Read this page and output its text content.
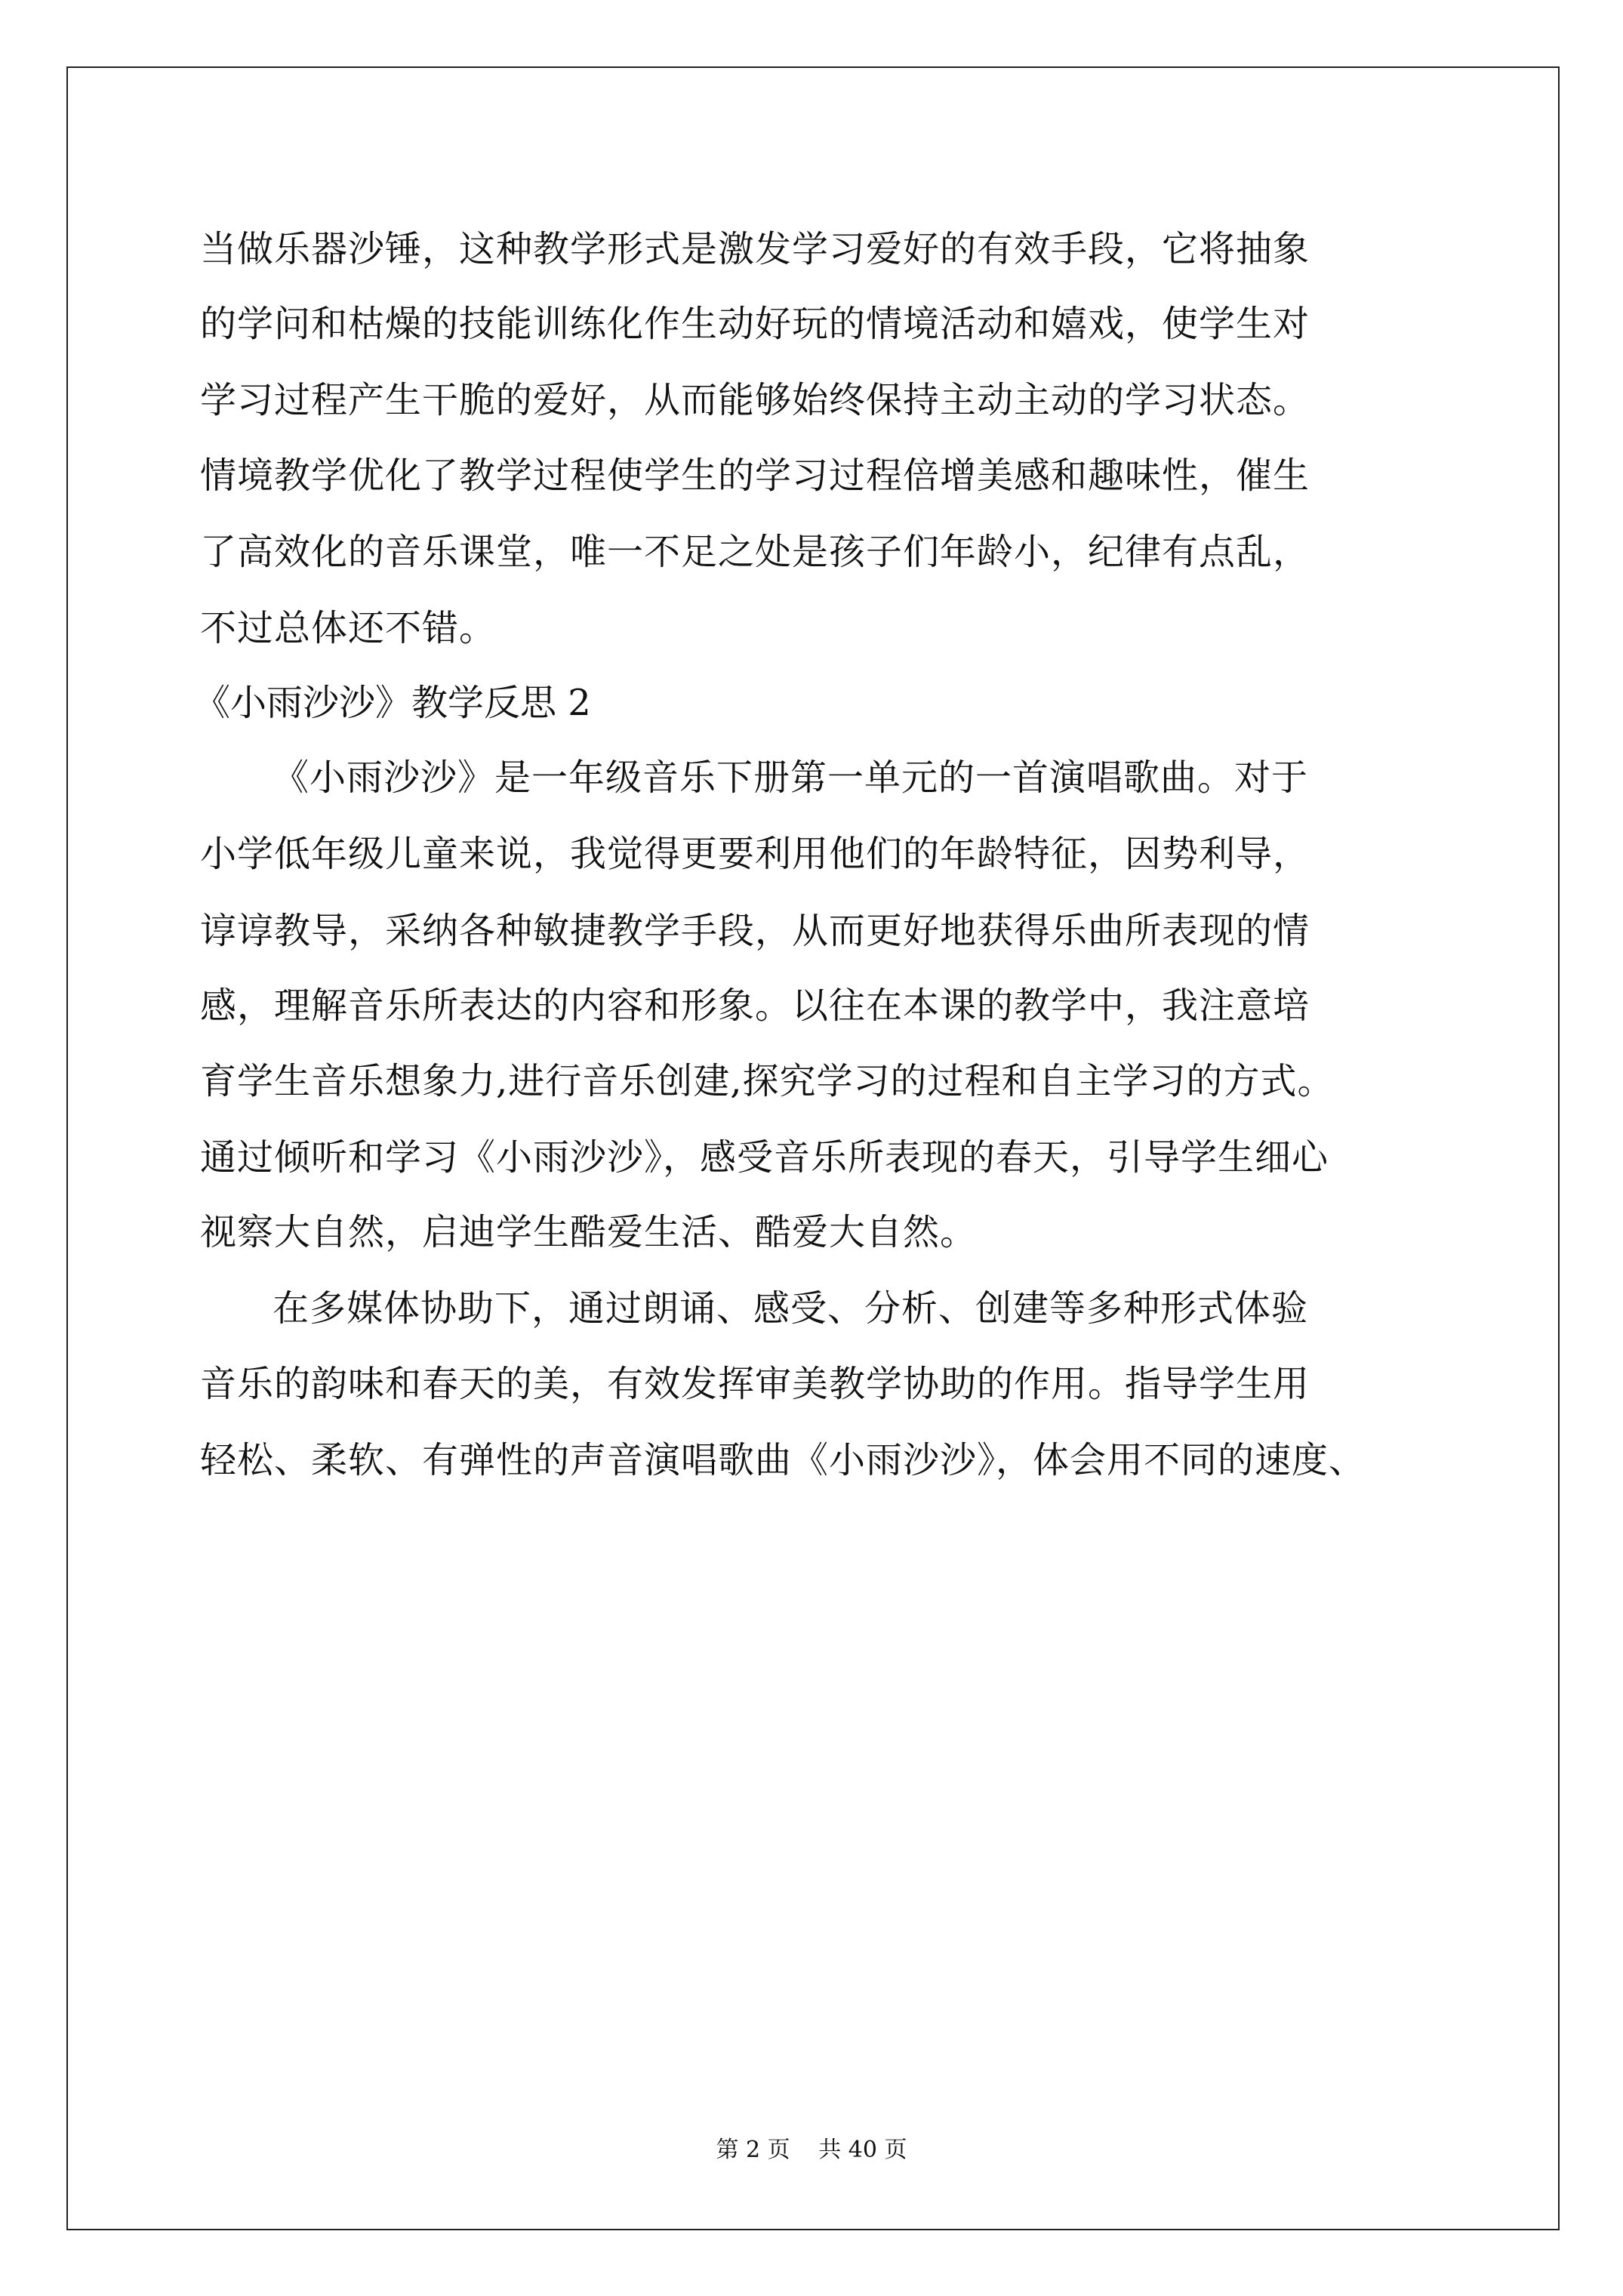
当做乐器沙锤，这种教学形式是激发学习爱好的有效手段，它将抽象
的学问和枯燥的技能训练化作生动好玩的情境活动和嬉戏，使学生对
学习过程产生干脆的爱好，从而能够始终保持主动主动的学习状态。
情境教学优化了教学过程使学生的学习过程倍增美感和趣味性，催生
了高效化的音乐课堂，唯一不足之处是孩子们年龄小，纪律有点乱，
不过总体还不错。
《小雨沙沙》教学反思 2
《小雨沙沙》是一年级音乐下册第一单元的一首演唱歌曲。对于
小学低年级儿童来说，我觉得更要利用他们的年龄特征，因势利导，
谆谆教导，采纳各种敏捷教学手段，从而更好地获得乐曲所表现的情
感，理解音乐所表达的内容和形象。以往在本课的教学中，我注意培
育学生音乐想象力,进行音乐创建,探究学习的过程和自主学习的方式。
通过倾听和学习《小雨沙沙》，感受音乐所表现的春天，引导学生细心
视察大自然，启迪学生酷爱生活、酷爱大自然。
在多媒体协助下，通过朗诵、感受、分析、创建等多种形式体验
音乐的韵味和春天的美，有效发挥审美教学协助的作用。指导学生用
轻松、柔软、有弹性的声音演唱歌曲《小雨沙沙》，体会用不同的速度、
第 2 页 共 40 页
